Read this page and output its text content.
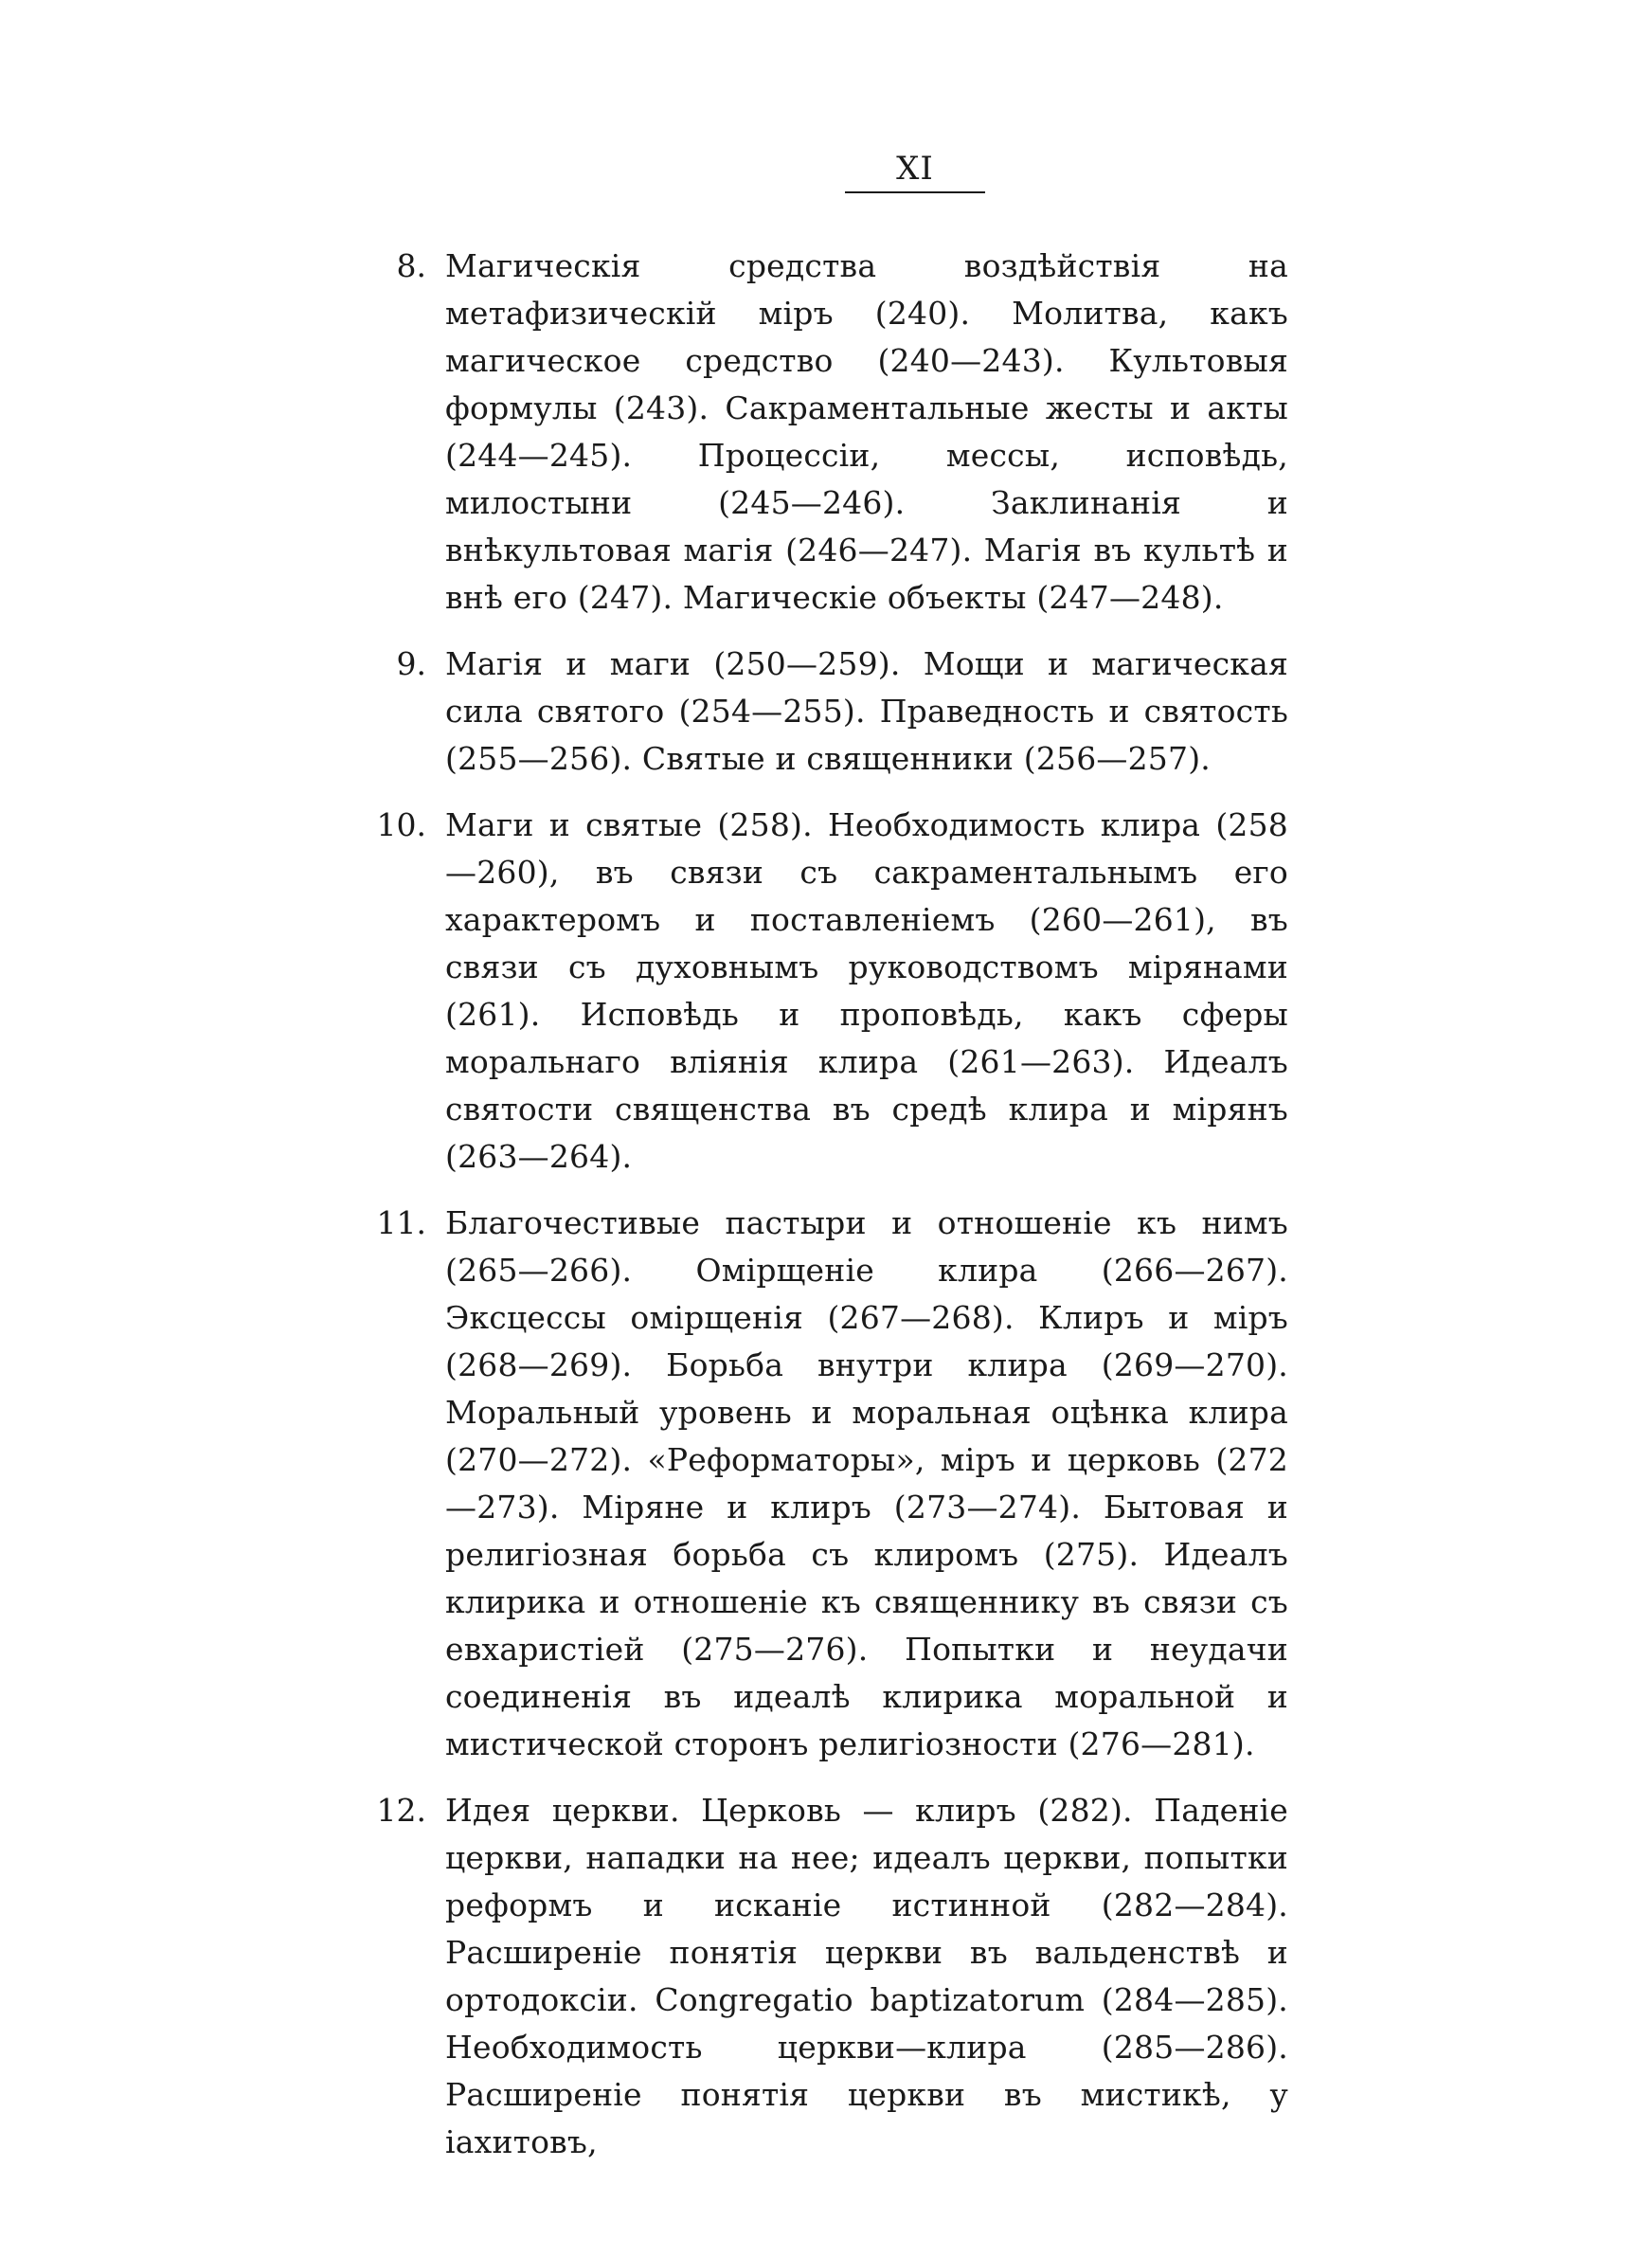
XI
8. Магическія средства воздѣйствія на метафизическій міръ (240). Молитва, какъ магическое средство (240—243). Культовыя формулы (243). Сакраментальные жесты и акты (244—245). Процессіи, мессы, исповѣдь, милостыни (245—246). Заклинанія и внѣкультовая магія (246—247). Магія въ культѣ и внѣ его (247). Магическіе объекты (247—248).
9. Магія и маги (250—259). Мощи и магическая сила святого (254—255). Праведность и святость (255—256). Святые и священники (256—257).
10. Маги и святые (258). Необходимость клира (258—260), въ связи съ сакраментальнымъ его характеромъ и поставленіемъ (260—261), въ связи съ духовнымъ руководствомъ мірянами (261). Исповѣдь и проповѣдь, какъ сферы моральнаго вліянія клира (261—263). Идеалъ святости священства въ средѣ клира и мірянъ (263—264).
11. Благочестивые пастыри и отношеніе къ нимъ (265—266). Омірщеніе клира (266—267). Эксцессы омірщенія (267—268). Клиръ и міръ (268—269). Борьба внутри клира (269—270). Моральный уровень и моральная оцѣнка клира (270—272). «Реформаторы», міръ и церковь (272—273). Міряне и клиръ (273—274). Бытовая и религіозная борьба съ клиромъ (275). Идеалъ клирика и отношеніе къ священнику въ связи съ евхаристіей (275—276). Попытки и неудачи соединенія въ идеалѣ клирика моральной и мистической сторонъ религіозности (276—281).
12. Идея церкви. Церковь — клиръ (282). Паденіе церкви, нападки на нее; идеалъ церкви, попытки реформъ и исканіе истинной (282—284). Расширеніе понятія церкви въ вальденствѣ и ортодоксіи. Congregatio baptizatorum (284—285). Необходимость церкви—клира (285—286). Расширеніе понятія церкви въ мистикѣ, у іахитовъ,
